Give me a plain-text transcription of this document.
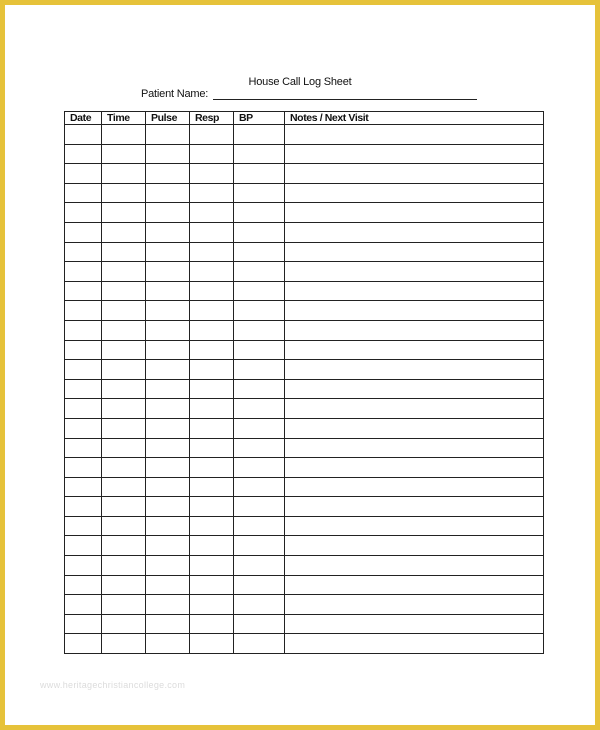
House Call Log Sheet
Patient Name:
Date	Time	Pulse	Resp	BP	Notes / Next Visit

www.heritagechristiancollege.com
